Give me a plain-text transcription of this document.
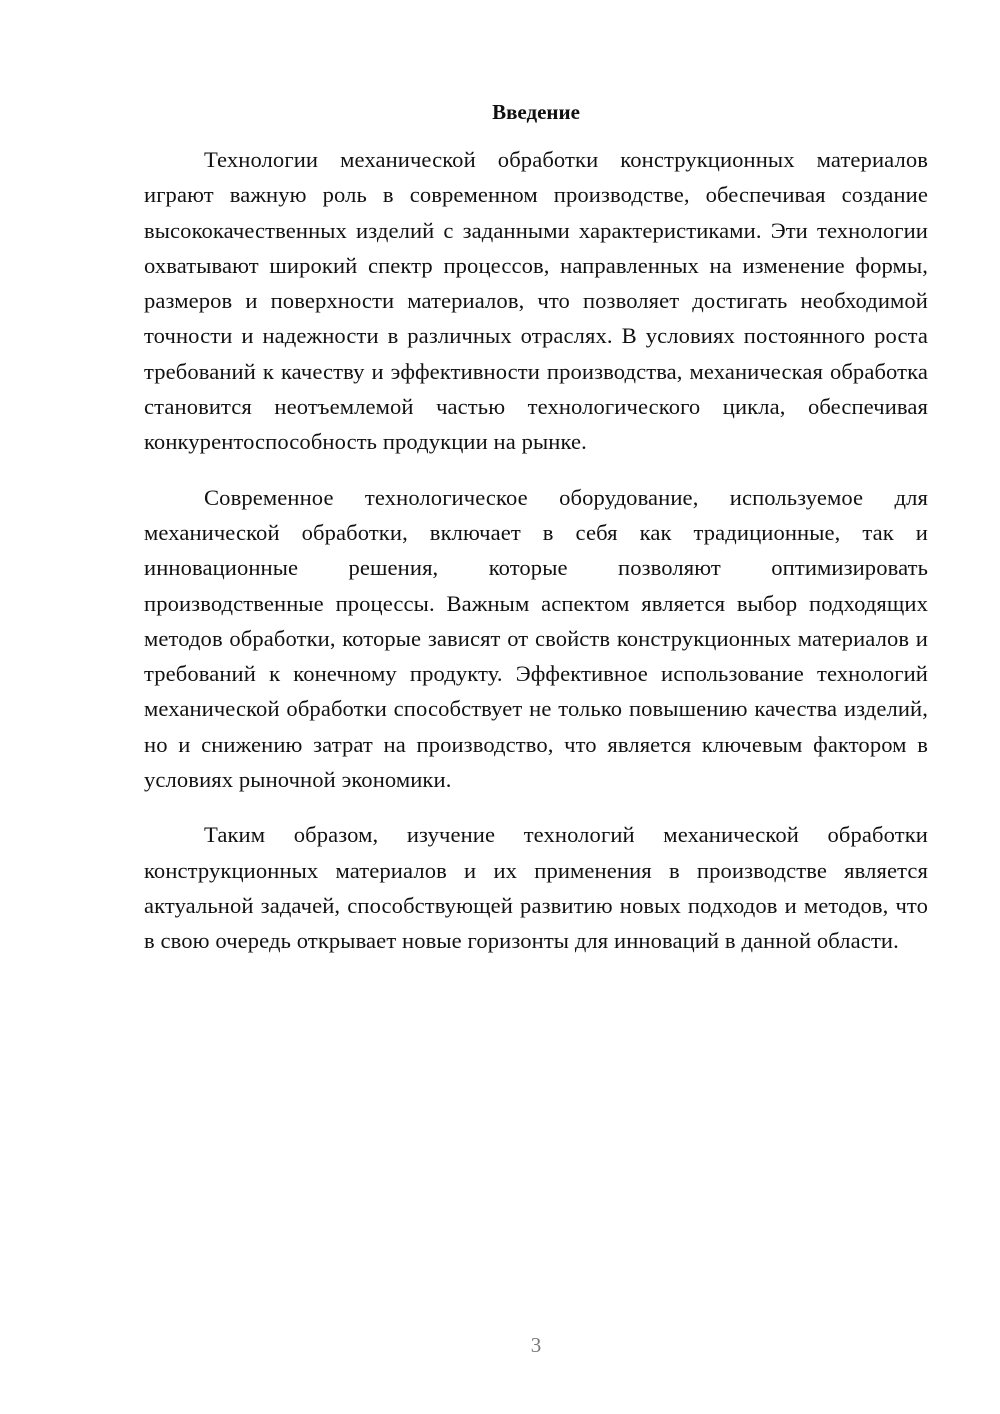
Введение

Технологии механической обработки конструкционных материалов играют важную роль в современном производстве, обеспечивая создание высококачественных изделий с заданными характеристиками. Эти технологии охватывают широкий спектр процессов, направленных на изменение формы, размеров и поверхности материалов, что позволяет достигать необходимой точности и надежности в различных отраслях. В условиях постоянного роста требований к качеству и эффективности производства, механическая обработка становится неотъемлемой частью технологического цикла, обеспечивая конкурентоспособность продукции на рынке.

Современное технологическое оборудование, используемое для механической обработки, включает в себя как традиционные, так и инновационные решения, которые позволяют оптимизировать производственные процессы. Важным аспектом является выбор подходящих методов обработки, которые зависят от свойств конструкционных материалов и требований к конечному продукту. Эффективное использование технологий механической обработки способствует не только повышению качества изделий, но и снижению затрат на производство, что является ключевым фактором в условиях рыночной экономики.

Таким образом, изучение технологий механической обработки конструкционных материалов и их применения в производстве является актуальной задачей, способствующей развитию новых подходов и методов, что в свою очередь открывает новые горизонты для инноваций в данной области.

3
